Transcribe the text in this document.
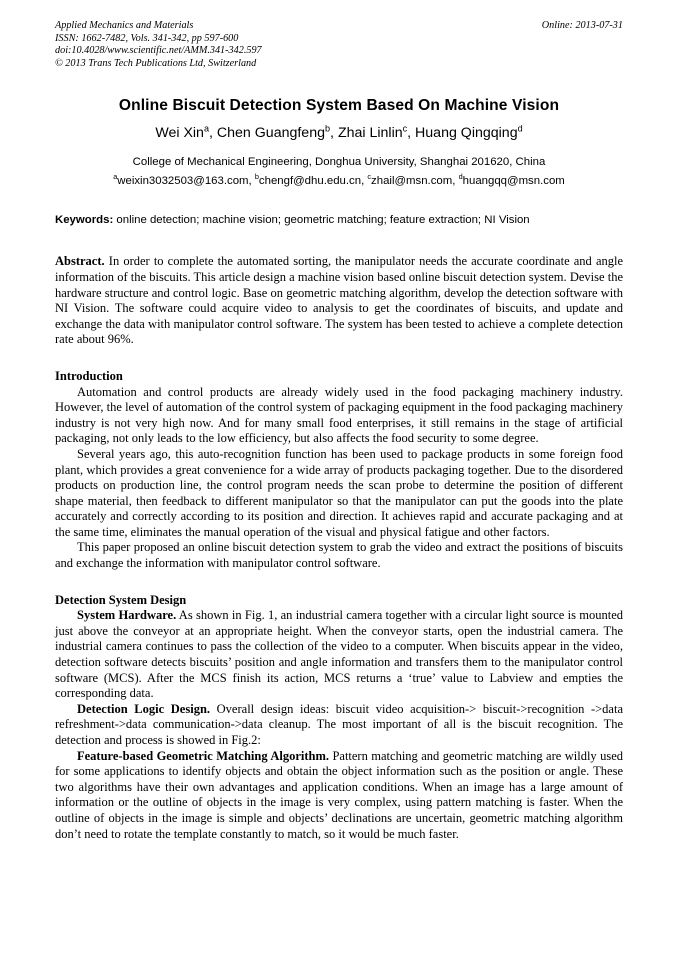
Applied Mechanics and Materials	Online: 2013-07-31
ISSN: 1662-7482, Vols. 341-342, pp 597-600
doi:10.4028/www.scientific.net/AMM.341-342.597
© 2013 Trans Tech Publications Ltd, Switzerland
Online Biscuit Detection System Based On Machine Vision
Wei Xin$^a$, Chen Guangfeng$^b$, Zhai Linlin$^c$, Huang Qingqing$^d$
College of Mechanical Engineering, Donghua University, Shanghai 201620, China
$^a$weixin3032503@163.com, $^b$chengf@dhu.edu.cn, $^c$zhail@msn.com, $^d$huangqq@msn.com
Keywords: online detection; machine vision; geometric matching; feature extraction; NI Vision

Abstract. In order to complete the automated sorting, the manipulator needs the accurate coordinate and angle information of the biscuits. This article design a machine vision based online biscuit detection system. Devise the hardware structure and control logic. Base on geometric matching algorithm, develop the detection software with NI Vision. The software could acquire video to analysis to get the coordinates of biscuits, and update and exchange the data with manipulator control software. The system has been tested to achieve a complete detection rate about 96%.

Introduction

Automation and control products are already widely used in the food packaging machinery industry. However, the level of automation of the control system of packaging equipment in the food packaging machinery industry is not very high now. And for many small food enterprises, it still remains in the stage of artificial packaging, not only leads to the low efficiency, but also affects the food security to some degree.

Several years ago, this auto-recognition function has been used to package products in some foreign food plant, which provides a great convenience for a wide array of products packaging together. Due to the disordered products on production line, the control program needs the scan probe to determine the position of different shape material, then feedback to different manipulator so that the manipulator can put the goods into the plate accurately and correctly according to its position and direction. It achieves rapid and accurate packaging and at the same time, eliminates the manual operation of the visual and physical fatigue and other factors.

This paper proposed an online biscuit detection system to grab the video and extract the positions of biscuits and exchange the information with manipulator control software.

Detection System Design

System Hardware. As shown in Fig. 1, an industrial camera together with a circular light source is mounted just above the conveyor at an appropriate height. When the conveyor starts, open the industrial camera. The industrial camera continues to pass the collection of the video to a computer. When biscuits appear in the video, detection software detects biscuits’ position and angle information and transfers them to the manipulator control software (MCS). After the MCS finish its action, MCS returns a ‘true’ value to Labview and empties the corresponding data.

Detection Logic Design. Overall design ideas: biscuit video acquisition-> biscuit->recognition ->data refreshment->data communication->data cleanup. The most important of all is the biscuit recognition. The detection and process is showed in Fig.2:

Feature-based Geometric Matching Algorithm. Pattern matching and geometric matching are wildly used for some applications to identify objects and obtain the object information such as the position or angle. These two algorithms have their own advantages and application conditions. When an image has a large amount of information or the outline of objects in the image is very complex, using pattern matching is faster. When the outline of objects in the image is simple and objects’ declinations are uncertain, geometric matching algorithm don’t need to rotate the template constantly to match, so it would be much faster.
